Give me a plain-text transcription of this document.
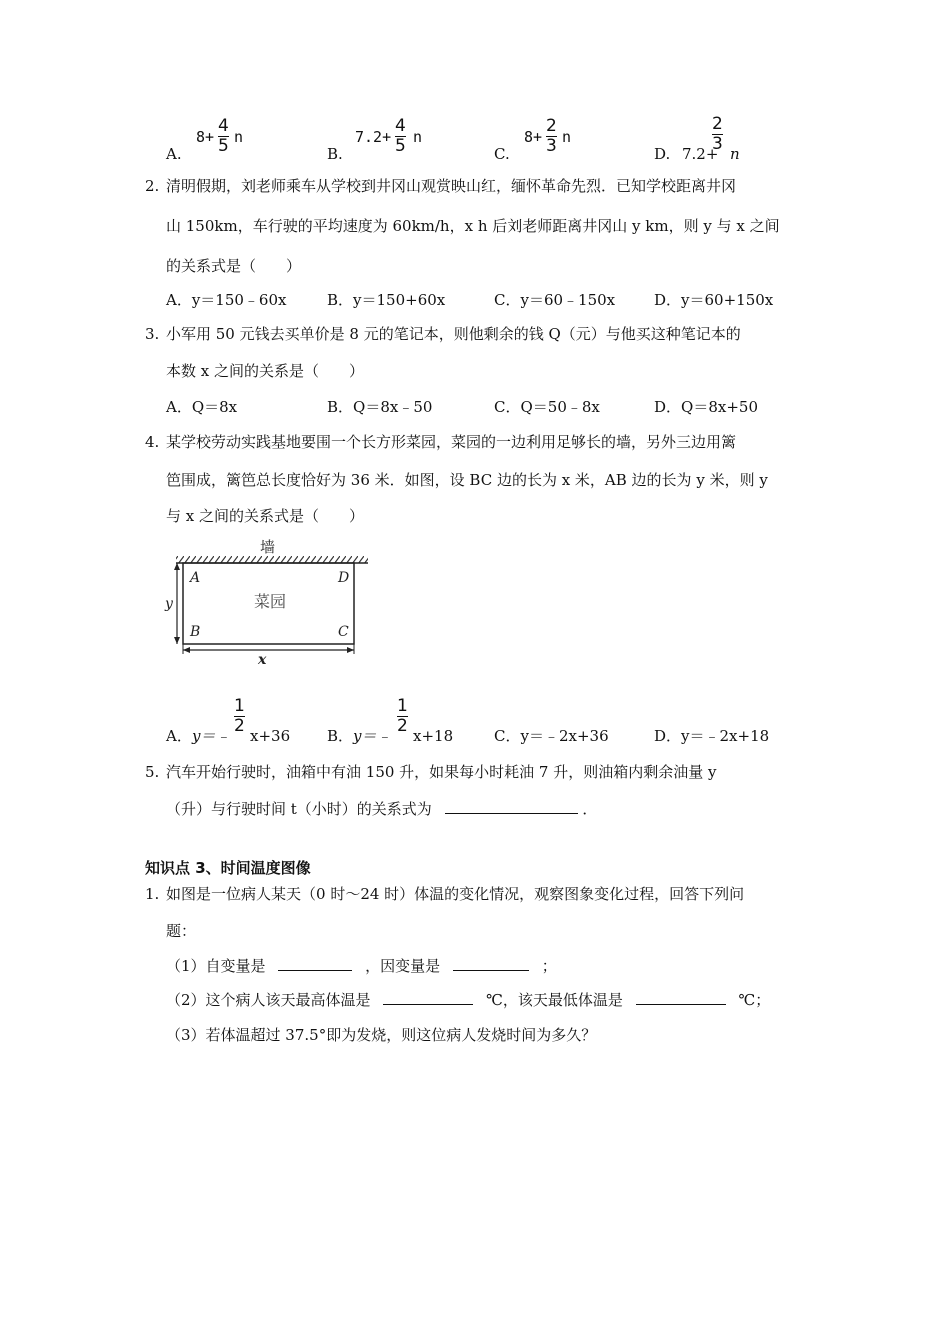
A.
8+
4
5 n
B.
7.2+
4
5 n
C.
8+
2
3 n
D. 7.2+
2
3 n
2. 清明假期，刘老师乘车从学校到井冈山观赏映山红，缅怀革命先烈．已知学校距离井冈
山 150km，车行驶的平均速度为 60km/h，x h 后刘老师距离井冈山 y km，则 y 与 x 之间
的关系式是（　　）
A．y＝150﹣60x	B．y＝150+60x	C．y＝60﹣150x	D．y＝60+150x
3. 小军用 50 元钱去买单价是 8 元的笔记本，则他剩余的钱 Q（元）与他买这种笔记本的
本数 x 之间的关系是（　　）
A．Q＝8x	B．Q＝8x﹣50	C．Q＝50﹣8x	D．Q＝8x+50
4. 某学校劳动实践基地要围一个长方形菜园，菜园的一边利用足够长的墙，另外三边用篱
笆围成，篱笆总长度恰好为 36 米．如图，设 BC 边的长为 x 米，AB 边的长为 y 米，则 y
与 x 之间的关系式是（　　）
墙
菜园
A	D
B	C
y
x
A． y＝﹣
1
2 x+36 B． y＝﹣
1
2 x+18	C．y＝﹣2x+36	D．y＝﹣2x+18
5. 汽车开始行驶时，油箱中有油 150 升，如果每小时耗油 7 升，则油箱内剩余油量 y
（升）与行驶时间 t（小时）的关系式为	．
知识点 3、时间温度图像
1. 如图是一位病人某天（0 时～24 时）体温的变化情况，观察图象变化过程，回答下列问
题：
（1）自变量是	，因变量是	；
（2）这个病人该天最高体温是	℃，该天最低体温是	℃；
（3）若体温超过 37.5°即为发烧，则这位病人发烧时间为多久？
